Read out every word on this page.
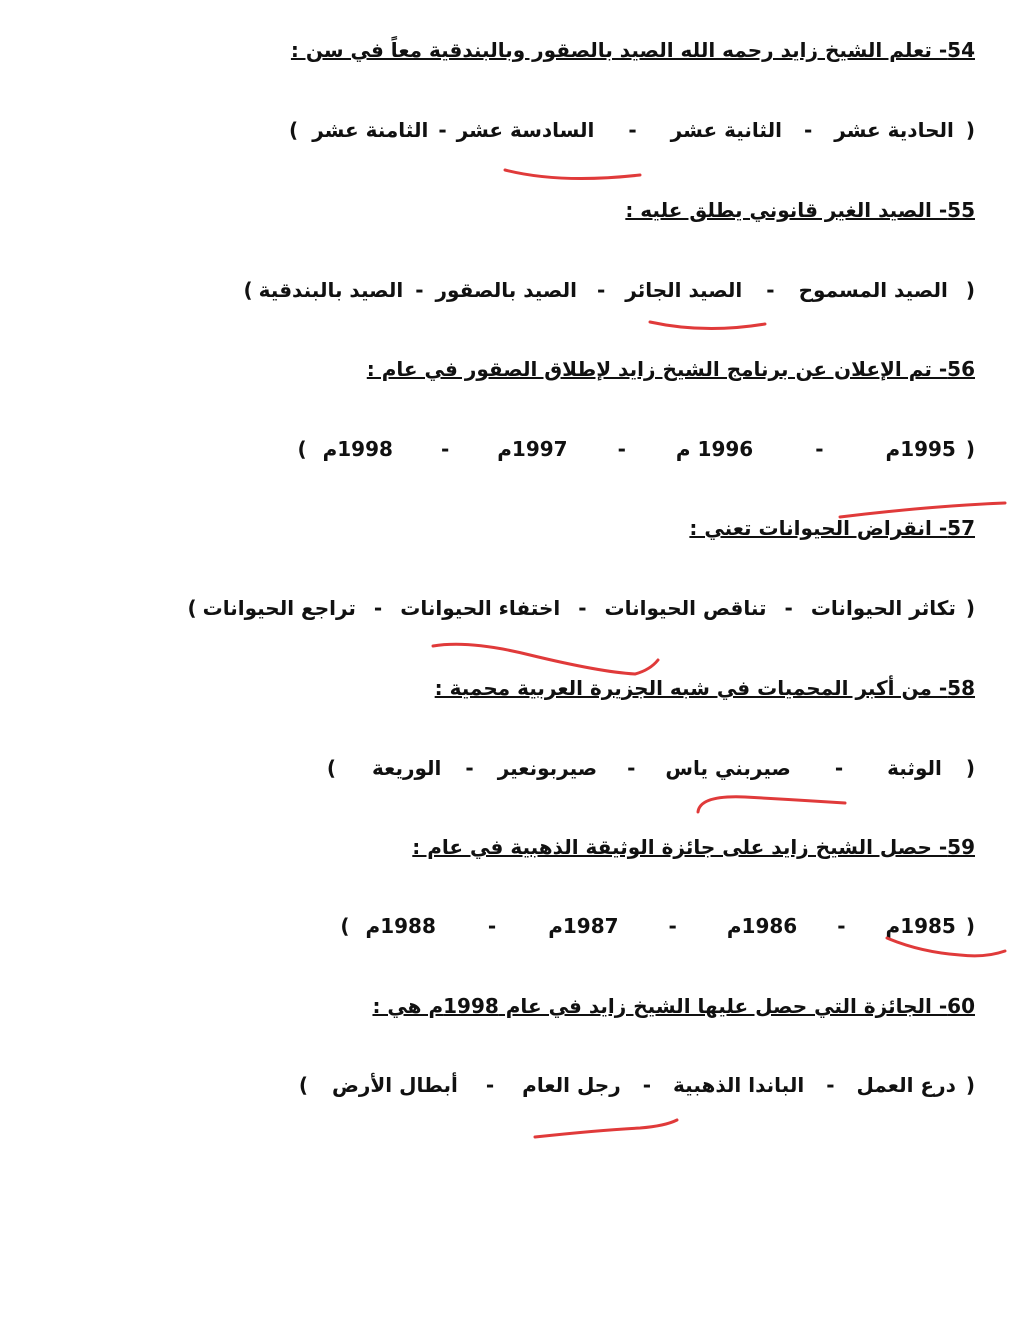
54- تعلم الشيخ زايد رحمه الله الصيد بالصقور وبالبندقية معاً في سن :
(
الحادية عشر
-
الثانية عشر
-
السادسة عشر
-
الثامنة عشر
)
55- الصيد الغير قانوني يطلق عليه :
(
الصيد المسموح
-
الصيد الجائر
-
الصيد بالصقور
-
الصيد بالبندقية
)
56- تم الإعلان عن برنامج الشيخ زايد لإطلاق الصقور في عام :
(
1995م
-
1996 م
-
1997م
-
1998م
)
57- انقراض الحيوانات تعني :
(
تكاثر الحيوانات
-
تناقص الحيوانات
-
اختفاء الحيوانات
-
تراجع الحيوانات
)
58- من أكبر المحميات في شبه الجزيرة العربية محمية :
(
الوثبة
-
صيربني ياس
-
صيربونعير
-
الوريعة
)
59- حصل الشيخ زايد على جائزة الوثيقة الذهبية في عام :
(
1985م
-
1986م
-
1987م
-
1988م
)
60- الجائزة التي حصل عليها الشيخ زايد في عام 1998م هي :
(
درع العمل
-
الباندا الذهبية
-
رجل العام
-
أبطال الأرض
)
